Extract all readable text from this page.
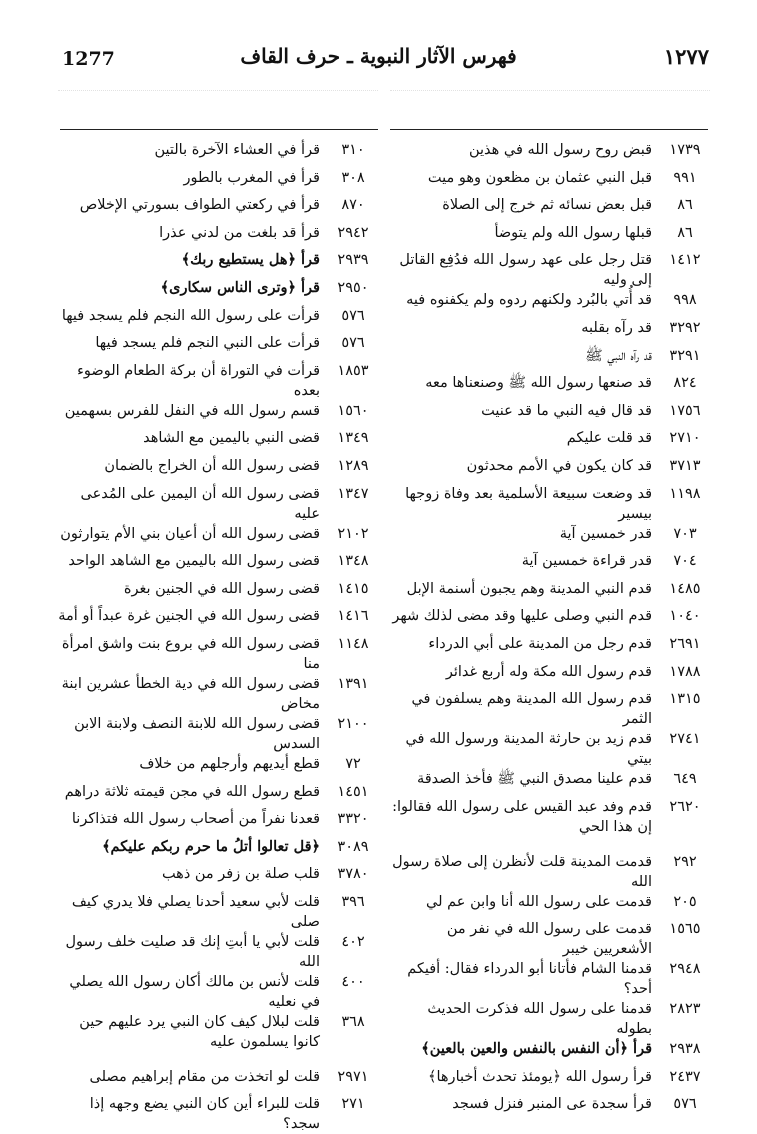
1277	فهرس الآثار النبوية ـ حرف القاف	١٢٧٧
١٧٣٩
قبض روح رسول الله في هذين
٩٩١
قبل النبي عثمان بن مظعون وهو ميت
٨٦
قبل بعض نسائه ثم خرج إلى الصلاة
٨٦
قبلها رسول الله ولم يتوضأ
١٤١٢
قتل رجل على عهد رسول الله فدُفِع القاتل إلى وليه
٩٩٨
قد أُتي بالبُرد ولكنهم ردوه ولم يكفنوه فيه
٣٢٩٢
قد رآه بقلبه
٣٢٩١
قد رآه النبي ﷺ
٨٢٤
قد صنعها رسول الله ﷺ وصنعناها معه
١٧٥٦
قد قال فيه النبي ما قد عنيت
٢٧١٠
قد قلت عليكم
٣٧١٣
قد كان يكون في الأمم محدثون
١١٩٨
قد وضعت سبيعة الأسلمية بعد وفاة زوجها بيسير
٧٠٣
قدر خمسين آية
٧٠٤
قدر قراءة خمسين آية
١٤٨٥
قدم النبي المدينة وهم يجبون أسنمة الإبل
١٠٤٠
قدم النبي وصلى عليها وقد مضى لذلك شهر
٢٦٩١
قدم رجل من المدينة على أبي الدرداء
١٧٨٨
قدم رسول الله مكة وله أربع غدائر
١٣١٥
قدم رسول الله المدينة وهم يسلفون في الثمر
٢٧٤١
قدم زيد بن حارثة المدينة ورسول الله في بيتي
٦٤٩
قدم علينا مصدق النبي ﷺ فأخذ الصدقة
٢٦٢٠
قدم وفد عبد القيس على رسول الله فقالوا: إن هذا الحي
٢٩٢
قدمت المدينة قلت لأنظرن إلى صلاة رسول الله
٢٠٥
قدمت على رسول الله أنا وابن عم لي
١٥٦٥
قدمت على رسول الله في نفر من الأشعريين خيبر
٢٩٤٨
قدمنا الشام فأتانا أبو الدرداء فقال: أفيكم أحد؟
٢٨٢٣
قدمنا على رسول الله فذكرت الحديث بطوله
٢٩٣٨
قرأ ﴿أن النفس بالنفس والعين بالعين﴾
٢٤٣٧
قرأ رسول الله ﴿يومئذ تحدث أخبارها﴾
٥٧٦
قرأ سجدة عى المنبر فنزل فسجد
٣١٠
قرأ في العشاء الآخرة بالتين
٣٠٨
قرأ في المغرب بالطور
٨٧٠
قرأ في ركعتي الطواف بسورتي الإخلاص
٢٩٤٢
قرأ قد بلغت من لدني عذرا
٢٩٣٩
قرأ ﴿هل يستطيع ربك﴾
٢٩٥٠
قرأ ﴿وترى الناس سكارى﴾
٥٧٦
قرأت على رسول الله النجم فلم يسجد فيها
٥٧٦
قرأت على النبي النجم فلم يسجد فيها
١٨٥٣
قرأت في التوراة أن بركة الطعام الوضوء بعده
١٥٦٠
قسم رسول الله في النفل للفرس بسهمين
١٣٤٩
قضى النبي باليمين مع الشاهد
١٢٨٩
قضى رسول الله أن الخراج بالضمان
١٣٤٧
قضى رسول الله أن اليمين على المُدعى عليه
٢١٠٢
قضى رسول الله أن أعيان بني الأم يتوارثون
١٣٤٨
قضى رسول الله باليمين مع الشاهد الواحد
١٤١٥
قضى رسول الله في الجنين بغرة
١٤١٦
قضى رسول الله في الجنين غرة عبداً أو أمة
١١٤٨
قضى رسول الله في بروع بنت واشق امرأة منا
١٣٩١
قضى رسول الله في دية الخطأ عشرين ابنة مخاض
٢١٠٠
قضى رسول الله للابنة النصف ولابنة الابن السدس
٧٢
قطع أيديهم وأرجلهم من خلاف
١٤٥١
قطع رسول الله في مجن قيمته ثلاثة دراهم
٣٣٢٠
قعدنا نفراً من أصحاب رسول الله فتذاكرنا
٣٠٨٩
﴿قل تعالوا أتلُ ما حرم ربكم عليكم﴾
٣٧٨٠
قلب صلة بن زفر من ذهب
٣٩٦
قلت لأبي سعيد أحدنا يصلي فلا يدري كيف صلى
٤٠٢
قلت لأبي يا أبتِ إنك قد صليت خلف رسول الله
٤٠٠
قلت لأنس بن مالك أكان رسول الله يصلي في نعليه
٣٦٨
قلت لبلال كيف كان النبي يرد عليهم حين كانوا يسلمون عليه
٢٩٧١
قلت لو اتخذت من مقام إبراهيم مصلى
٢٧١
قلت للبراء أين كان النبي يضع وجهه إذا سجد؟
